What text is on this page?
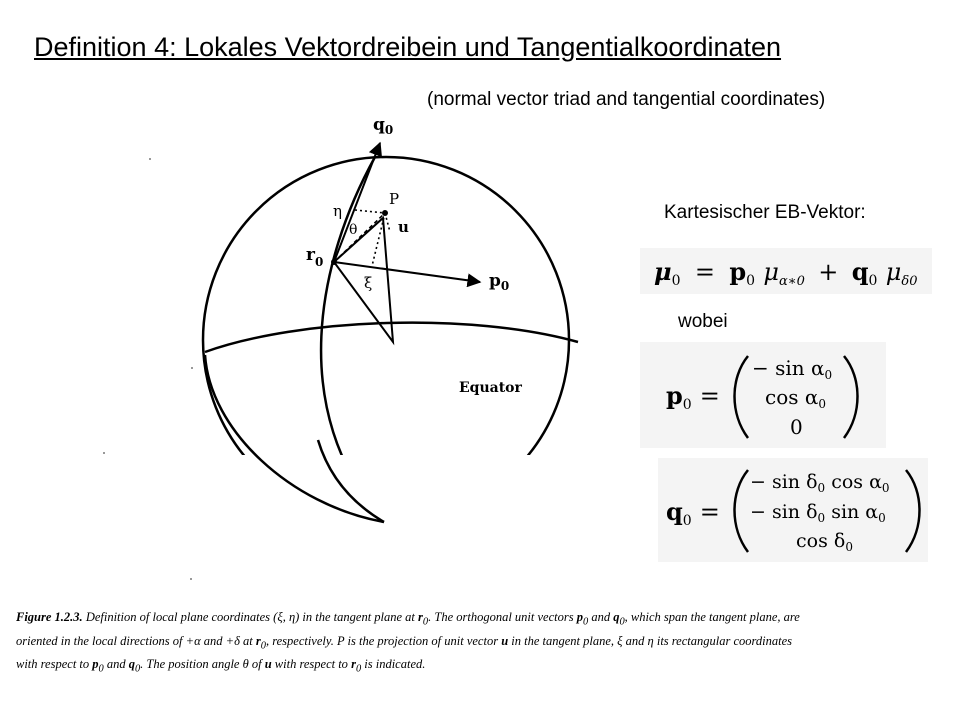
Definition 4: Lokales Vektordreibein und Tangentialkoordinaten
(normal vector triad and tangential coordinates)
$q_0$
$p_0$
$r_0$
P
u
η
θ
ξ
Equator
Kartesischer EB-Vektor:
$\mu_0 = p_0$ $\mu_{\alpha∗0} + q_0$ $\mu_{\delta 0}$
wobei
$p_0$ =
− $\sin \alpha_0$
$\cos \alpha_0$
0
$q_0$ =
− $\sin \delta_0$ $\cos \alpha_0$
− $\sin \delta_0$ $\sin \alpha_0$
$\cos \delta_0$
Figure 1.2.3. Definition of local plane coordinates (ξ, η) in the tangent plane at $r_0$. The orthogonal unit vectors $p_0$ and $q_0$, which span the tangent plane, are oriented in the local directions of +α and +δ at $r_0$, respectively. P is the projection of unit vector u in the tangent plane, ξ and η its rectangular coordinates with respect to $p_0$ and $q_0$. The position angle θ of u with respect to $r_0$ is indicated.
